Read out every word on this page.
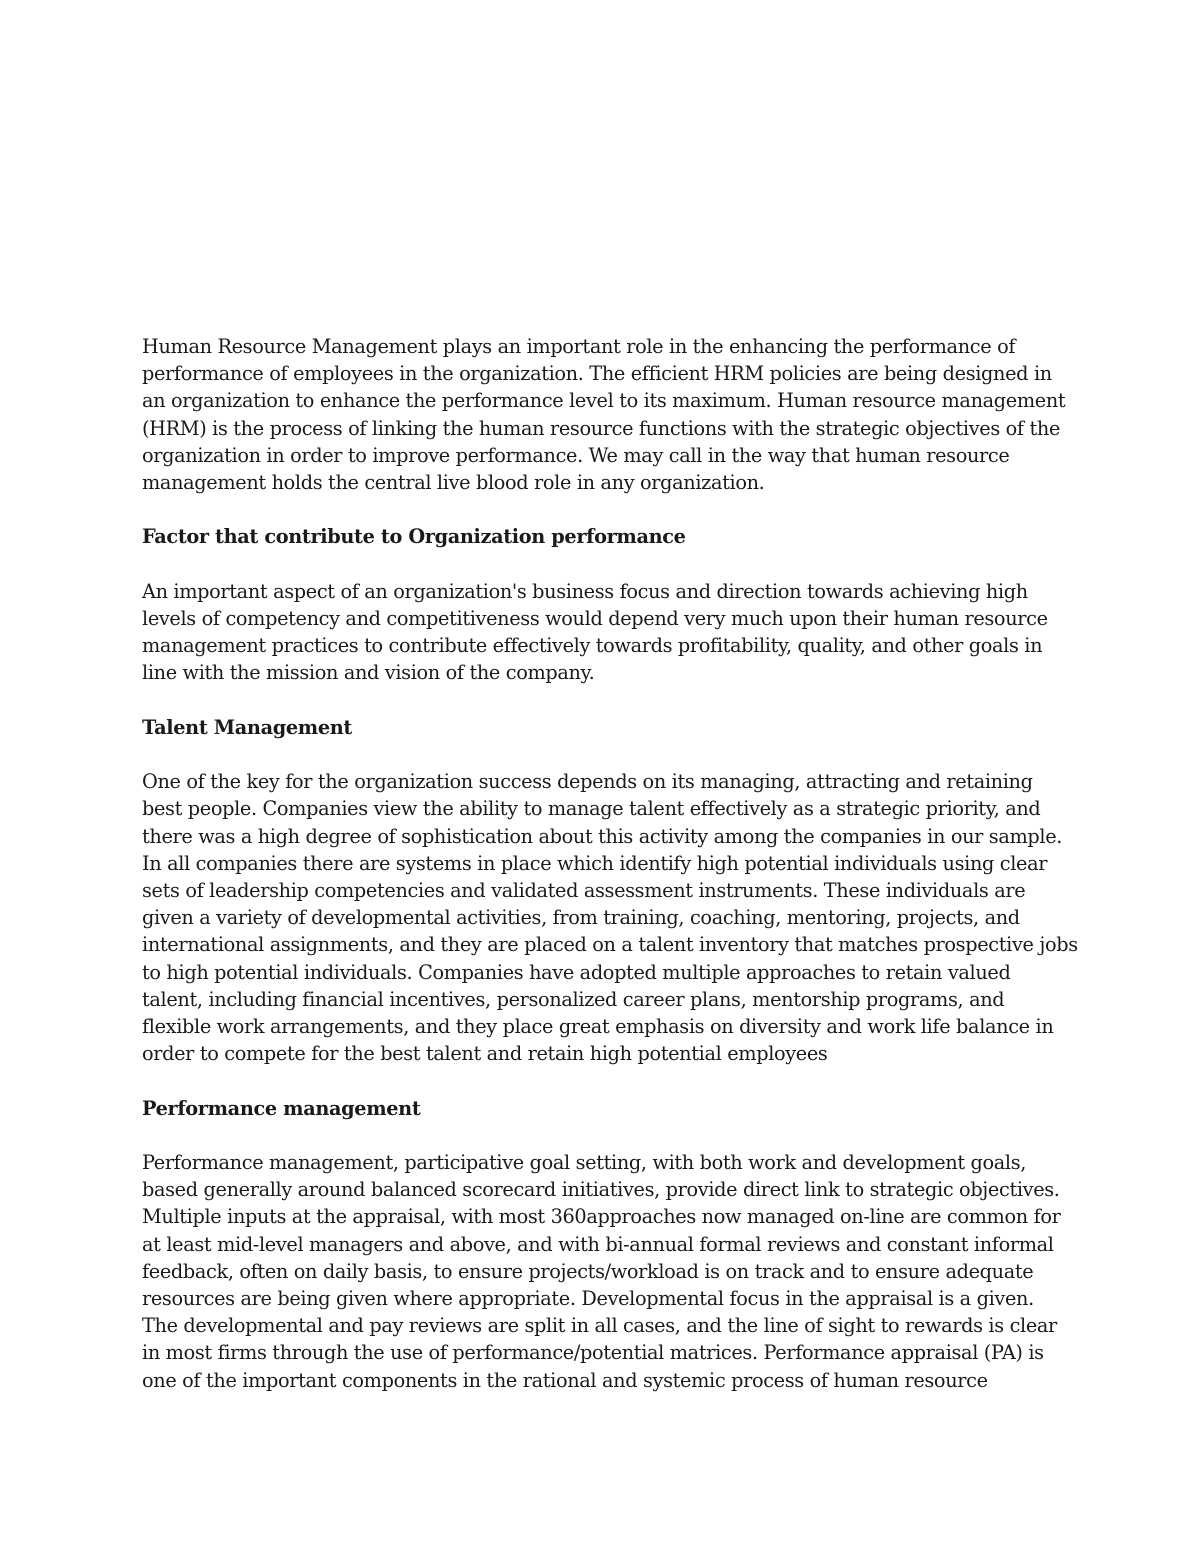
Human Resource Management plays an important role in the enhancing the performance of
performance of employees in the organization. The efficient HRM policies are being designed in
an organization to enhance the performance level to its maximum. Human resource management
(HRM) is the process of linking the human resource functions with the strategic objectives of the
organization in order to improve performance. We may call in the way that human resource
management holds the central live blood role in any organization.

Factor that contribute to Organization performance

An important aspect of an organization's business focus and direction towards achieving high
levels of competency and competitiveness would depend very much upon their human resource
management practices to contribute effectively towards profitability, quality, and other goals in
line with the mission and vision of the company.

Talent Management

One of the key for the organization success depends on its managing, attracting and retaining
best people. Companies view the ability to manage talent effectively as a strategic priority, and
there was a high degree of sophistication about this activity among the companies in our sample.
In all companies there are systems in place which identify high potential individuals using clear
sets of leadership competencies and validated assessment instruments. These individuals are
given a variety of developmental activities, from training, coaching, mentoring, projects, and
international assignments, and they are placed on a talent inventory that matches prospective jobs
to high potential individuals. Companies have adopted multiple approaches to retain valued
talent, including financial incentives, personalized career plans, mentorship programs, and
flexible work arrangements, and they place great emphasis on diversity and work life balance in
order to compete for the best talent and retain high potential employees

Performance management

Performance management, participative goal setting, with both work and development goals,
based generally around balanced scorecard initiatives, provide direct link to strategic objectives.
Multiple inputs at the appraisal, with most 360approaches now managed on-line are common for
at least mid-level managers and above, and with bi-annual formal reviews and constant informal
feedback, often on daily basis, to ensure projects/workload is on track and to ensure adequate
resources are being given where appropriate. Developmental focus in the appraisal is a given.
The developmental and pay reviews are split in all cases, and the line of sight to rewards is clear
in most firms through the use of performance/potential matrices. Performance appraisal (PA) is
one of the important components in the rational and systemic process of human resource
